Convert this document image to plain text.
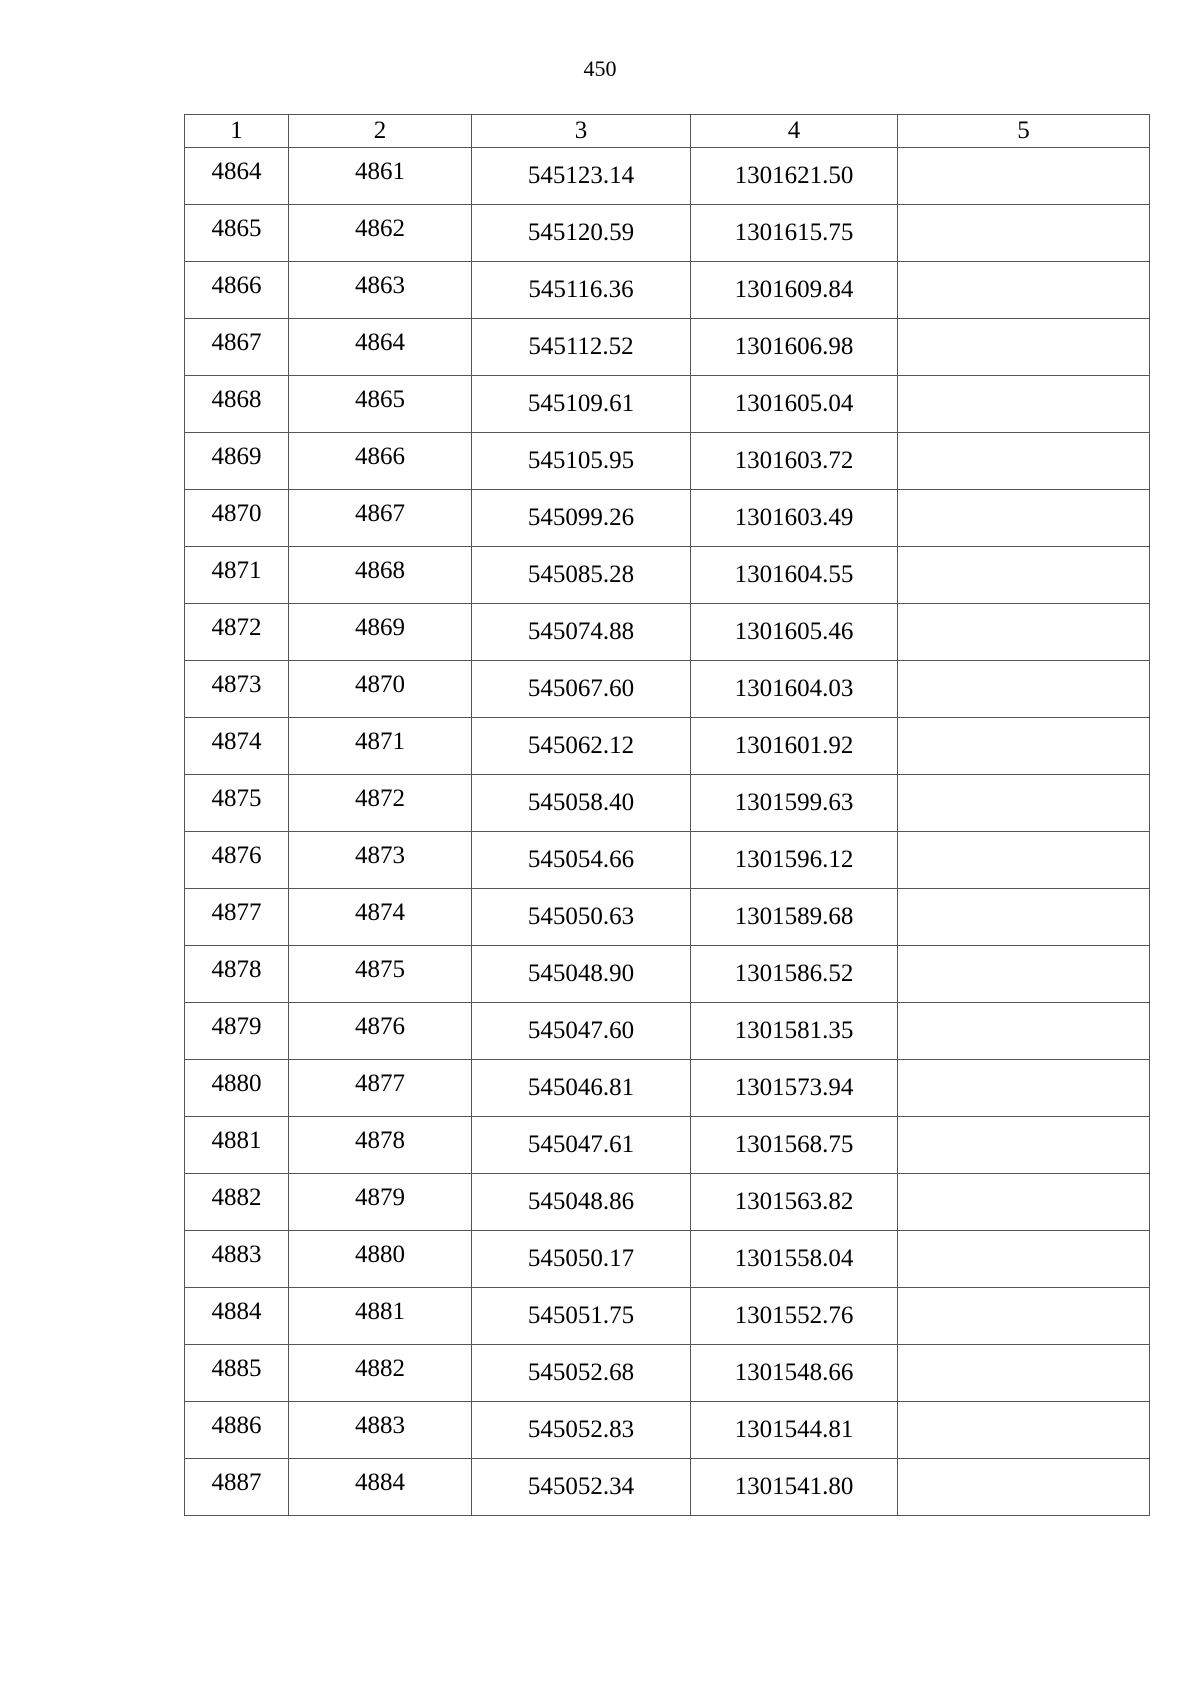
450
1	2	3	4	5
4864	4861	545123.14	1301621.50	
4865	4862	545120.59	1301615.75	
4866	4863	545116.36	1301609.84	
4867	4864	545112.52	1301606.98	
4868	4865	545109.61	1301605.04	
4869	4866	545105.95	1301603.72	
4870	4867	545099.26	1301603.49	
4871	4868	545085.28	1301604.55	
4872	4869	545074.88	1301605.46	
4873	4870	545067.60	1301604.03	
4874	4871	545062.12	1301601.92	
4875	4872	545058.40	1301599.63	
4876	4873	545054.66	1301596.12	
4877	4874	545050.63	1301589.68	
4878	4875	545048.90	1301586.52	
4879	4876	545047.60	1301581.35	
4880	4877	545046.81	1301573.94	
4881	4878	545047.61	1301568.75	
4882	4879	545048.86	1301563.82	
4883	4880	545050.17	1301558.04	
4884	4881	545051.75	1301552.76	
4885	4882	545052.68	1301548.66	
4886	4883	545052.83	1301544.81	
4887	4884	545052.34	1301541.80	
